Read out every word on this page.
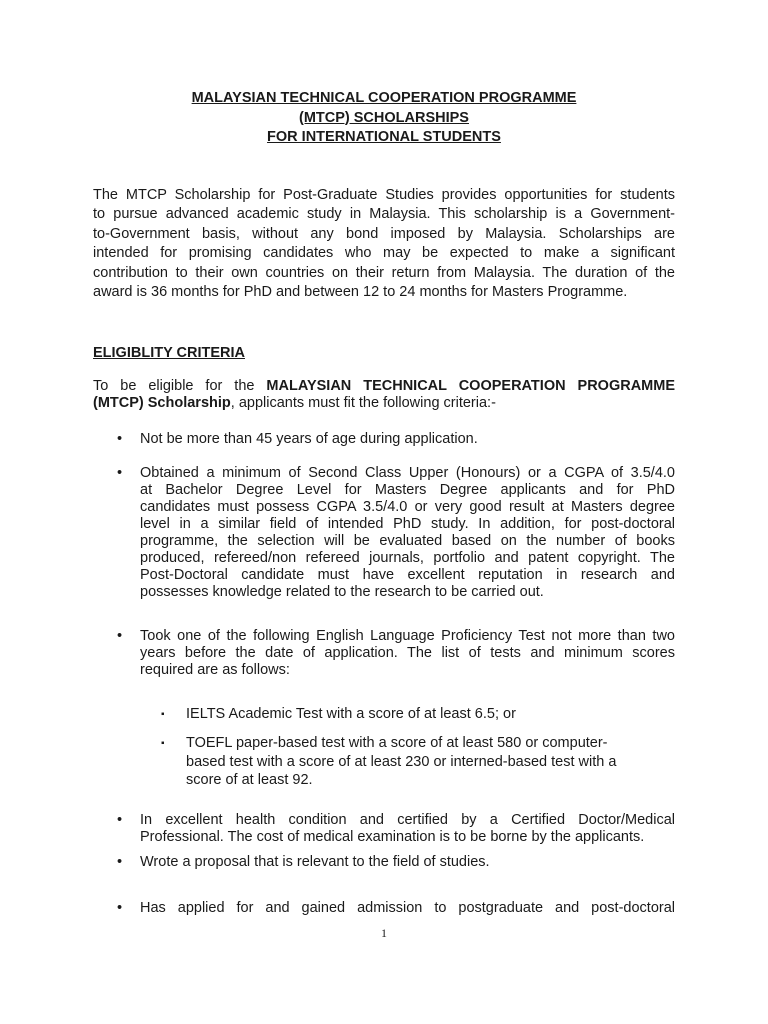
MALAYSIAN TECHNICAL COOPERATION PROGRAMME
(MTCP) SCHOLARSHIPS
FOR INTERNATIONAL STUDENTS
The MTCP Scholarship for Post-Graduate Studies provides opportunities for students
to pursue advanced academic study in Malaysia. This scholarship is a Government-
to-Government basis, without any bond imposed by Malaysia. Scholarships are
intended for promising candidates who may be expected to make a significant
contribution to their own countries on their return from Malaysia. The duration of the
award is 36 months for PhD and between 12 to 24 months for Masters Programme.
ELIGIBLITY CRITERIA
To be eligible for the MALAYSIAN TECHNICAL COOPERATION PROGRAMME
(MTCP) Scholarship, applicants must fit the following criteria:-
• Not be more than 45 years of age during application.
• Obtained a minimum of Second Class Upper (Honours) or a CGPA of 3.5/4.0
at Bachelor Degree Level for Masters Degree applicants and for PhD
candidates must possess CGPA 3.5/4.0 or very good result at Masters degree
level in a similar field of intended PhD study. In addition, for post-doctoral
programme, the selection will be evaluated based on the number of books
produced, refereed/non refereed journals, portfolio and patent copyright. The
Post-Doctoral candidate must have excellent reputation in research and
possesses knowledge related to the research to be carried out.
• Took one of the following English Language Proficiency Test not more than two
years before the date of application. The list of tests and minimum scores
required are as follows:
▪ IELTS Academic Test with a score of at least 6.5; or
▪ TOEFL paper-based test with a score of at least 580 or computer-
based test with a score of at least 230 or interned-based test with a
score of at least 92.
• In excellent health condition and certified by a Certified Doctor/Medical
Professional. The cost of medical examination is to be borne by the applicants.
• Wrote a proposal that is relevant to the field of studies.
• Has applied for and gained admission to postgraduate and post-doctoral
1
